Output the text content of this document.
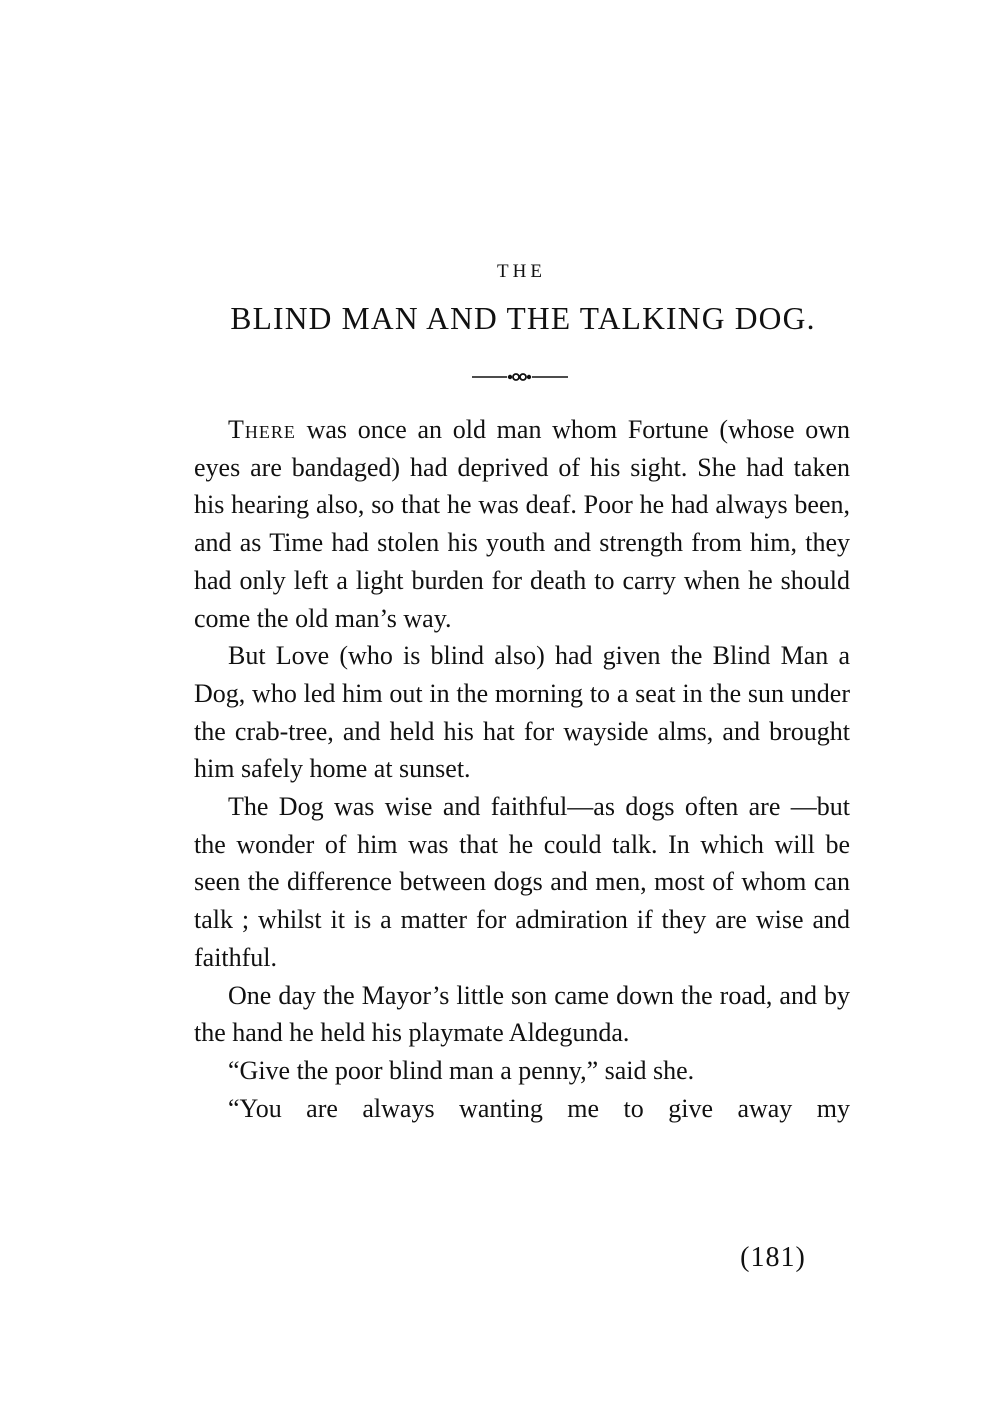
THE
BLIND MAN AND THE TALKING DOG.

There was once an old man whom Fortune (whose own eyes are bandaged) had deprived of his sight. She had taken his hearing also, so that he was deaf. Poor he had always been, and as Time had stolen his youth and strength from him, they had only left a light burden for death to carry when he should come the old man’s way.

But Love (who is blind also) had given the Blind Man a Dog, who led him out in the morning to a seat in the sun under the crab-tree, and held his hat for wayside alms, and brought him safely home at sunset.

The Dog was wise and faithful—as dogs often are —but the wonder of him was that he could talk. In which will be seen the difference between dogs and men, most of whom can talk ; whilst it is a matter for admiration if they are wise and faithful.

One day the Mayor’s little son came down the road, and by the hand he held his playmate Aldegunda.

“Give the poor blind man a penny,” said she.

“You are always wanting me to give away my

(181)
